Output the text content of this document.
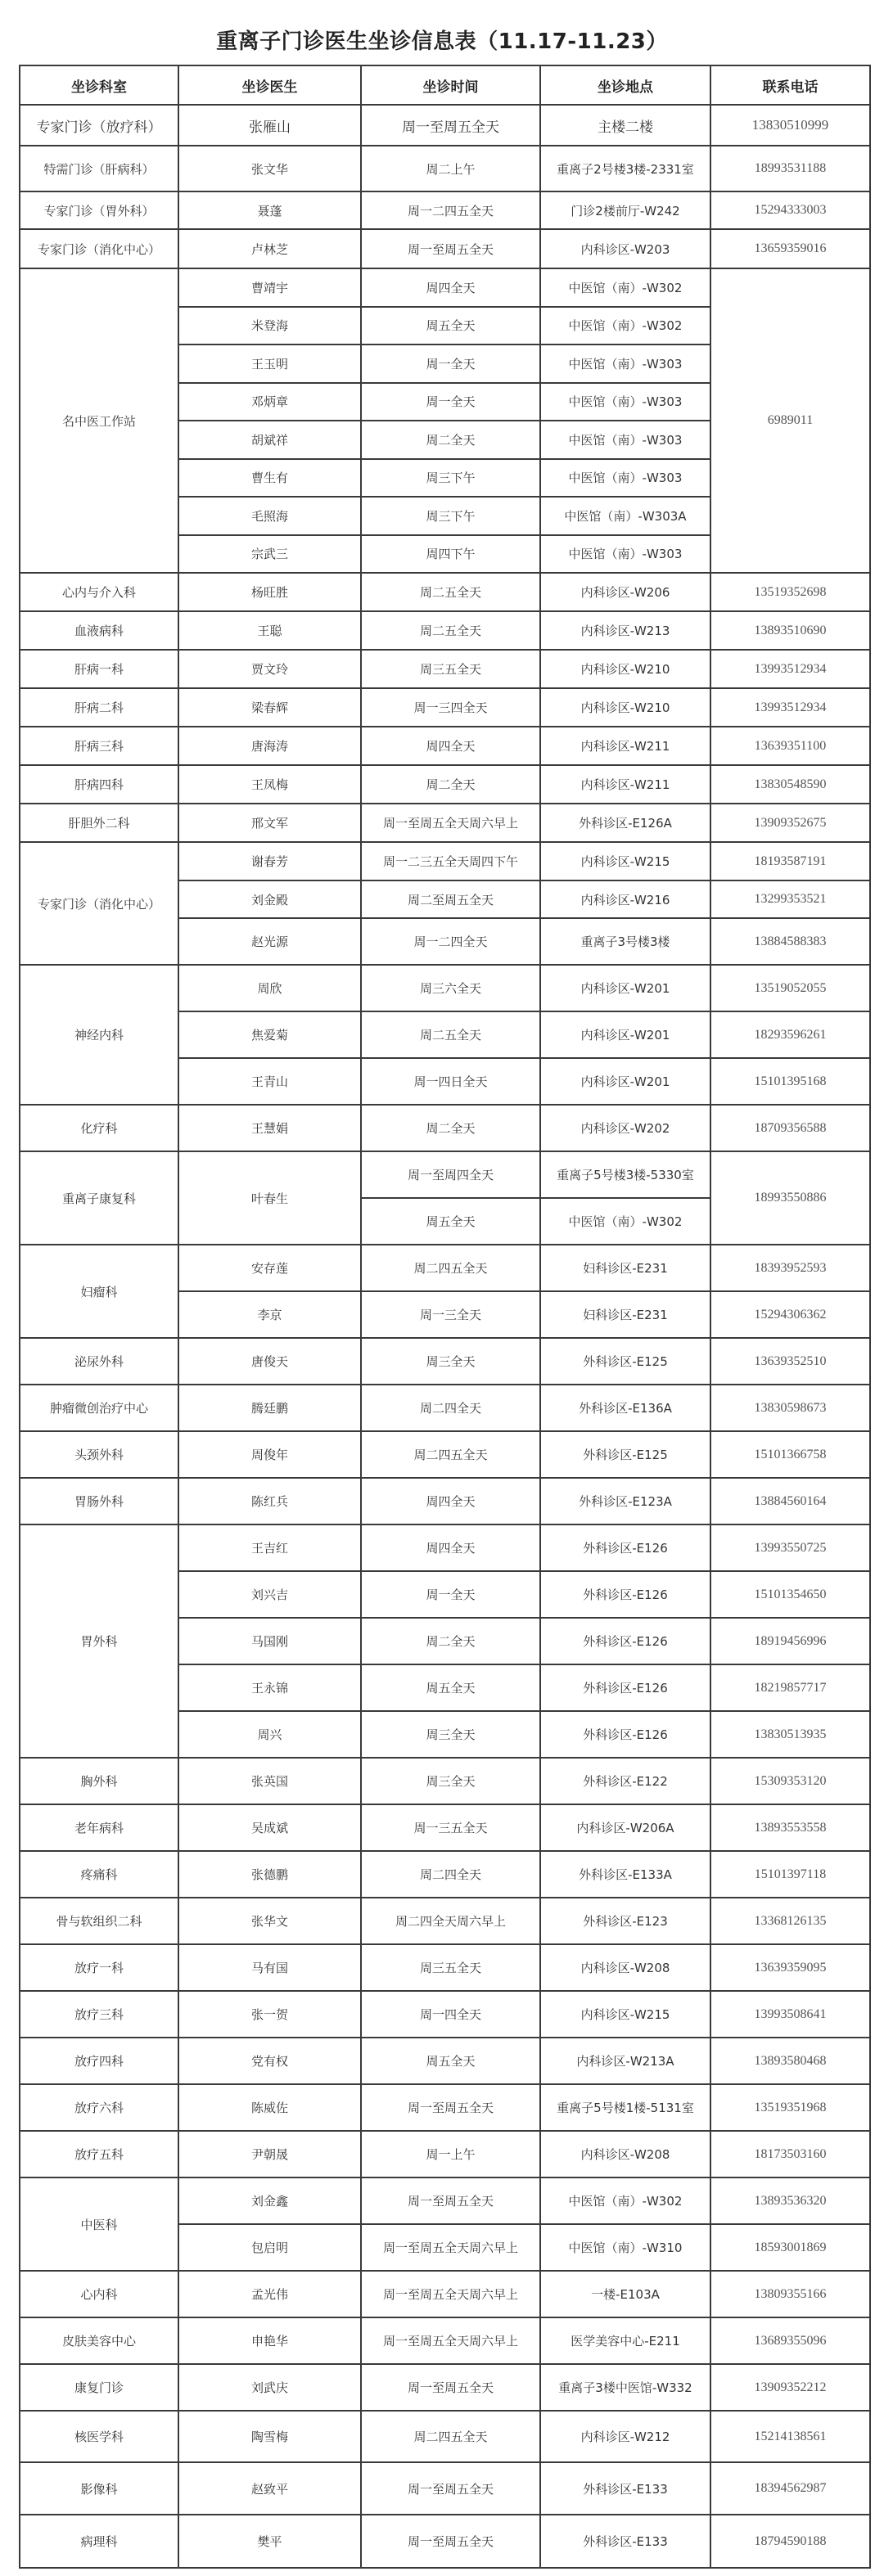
重离子门诊医生坐诊信息表（11.17-11.23）
坐诊科室	坐诊医生	坐诊时间	坐诊地点	联系电话
专家门诊（放疗科）	张雁山	周一至周五全天	主楼二楼	13830510999
特需门诊（肝病科）	张文华	周二上午	重离子2号楼3楼-2331室	18993531188
专家门诊（胃外科）	聂蓬	周一二四五全天	门诊2楼前厅-W242	15294333003
专家门诊（消化中心）	卢林芝	周一至周五全天	内科诊区-W203	13659359016
名中医工作站	曹靖宇	周四全天	中医馆（南）-W302	6989011
	米登海	周五全天	中医馆（南）-W302	
	王玉明	周一全天	中医馆（南）-W303	
	邓炳章	周一全天	中医馆（南）-W303	
	胡斌祥	周二全天	中医馆（南）-W303	
	曹生有	周三下午	中医馆（南）-W303	
	毛照海	周三下午	中医馆（南）-W303A	
	宗武三	周四下午	中医馆（南）-W303	
心内与介入科	杨旺胜	周二五全天	内科诊区-W206	13519352698
血液病科	王聪	周二五全天	内科诊区-W213	13893510690
肝病一科	贾文玲	周三五全天	内科诊区-W210	13993512934
肝病二科	梁春辉	周一三四全天	内科诊区-W210	13993512934
肝病三科	唐海涛	周四全天	内科诊区-W211	13639351100
肝病四科	王凤梅	周二全天	内科诊区-W211	13830548590
肝胆外二科	邢文军	周一至周五全天周六早上	外科诊区-E126A	13909352675
专家门诊（消化中心）	谢春芳	周一二三五全天周四下午	内科诊区-W215	18193587191
	刘金殿	周二至周五全天	内科诊区-W216	13299353521
	赵光源	周一二四全天	重离子3号楼3楼	13884588383
神经内科	周欣	周三六全天	内科诊区-W201	13519052055
	焦爱菊	周二五全天	内科诊区-W201	18293596261
	王青山	周一四日全天	内科诊区-W201	15101395168
化疗科	王慧娟	周二全天	内科诊区-W202	18709356588
重离子康复科	叶春生	周一至周四全天	重离子5号楼3楼-5330室	18993550886
		周五全天	中医馆（南）-W302	
妇瘤科	安存莲	周二四五全天	妇科诊区-E231	18393952593
	李京	周一三全天	妇科诊区-E231	15294306362
泌尿外科	唐俊天	周三全天	外科诊区-E125	13639352510
肿瘤微创治疗中心	腾廷鹏	周二四全天	外科诊区-E136A	13830598673
头颈外科	周俊年	周二四五全天	外科诊区-E125	15101366758
胃肠外科	陈红兵	周四全天	外科诊区-E123A	13884560164
胃外科	王吉红	周四全天	外科诊区-E126	13993550725
	刘兴吉	周一全天	外科诊区-E126	15101354650
	马国刚	周二全天	外科诊区-E126	18919456996
	王永锦	周五全天	外科诊区-E126	18219857717
	周兴	周三全天	外科诊区-E126	13830513935
胸外科	张英国	周三全天	外科诊区-E122	15309353120
老年病科	吴成斌	周一三五全天	内科诊区-W206A	13893553558
疼痛科	张德鹏	周二四全天	外科诊区-E133A	15101397118
骨与软组织二科	张华文	周二四全天周六早上	外科诊区-E123	13368126135
放疗一科	马有国	周三五全天	内科诊区-W208	13639359095
放疗三科	张一贺	周一四全天	内科诊区-W215	13993508641
放疗四科	党有权	周五全天	内科诊区-W213A	13893580468
放疗六科	陈威佐	周一至周五全天	重离子5号楼1楼-5131室	13519351968
放疗五科	尹朝晟	周一上午	内科诊区-W208	18173503160
中医科	刘金鑫	周一至周五全天	中医馆（南）-W302	13893536320
	包启明	周一至周五全天周六早上	中医馆（南）-W310	18593001869
心内科	孟光伟	周一至周五全天周六早上	一楼-E103A	13809355166
皮肤美容中心	申艳华	周一至周五全天周六早上	医学美容中心-E211	13689355096
康复门诊	刘武庆	周一至周五全天	重离子3楼中医馆-W332	13909352212
核医学科	陶雪梅	周二四五全天	内科诊区-W212	15214138561
影像科	赵致平	周一至周五全天	外科诊区-E133	18394562987
病理科	樊平	周一至周五全天	外科诊区-E133	18794590188
